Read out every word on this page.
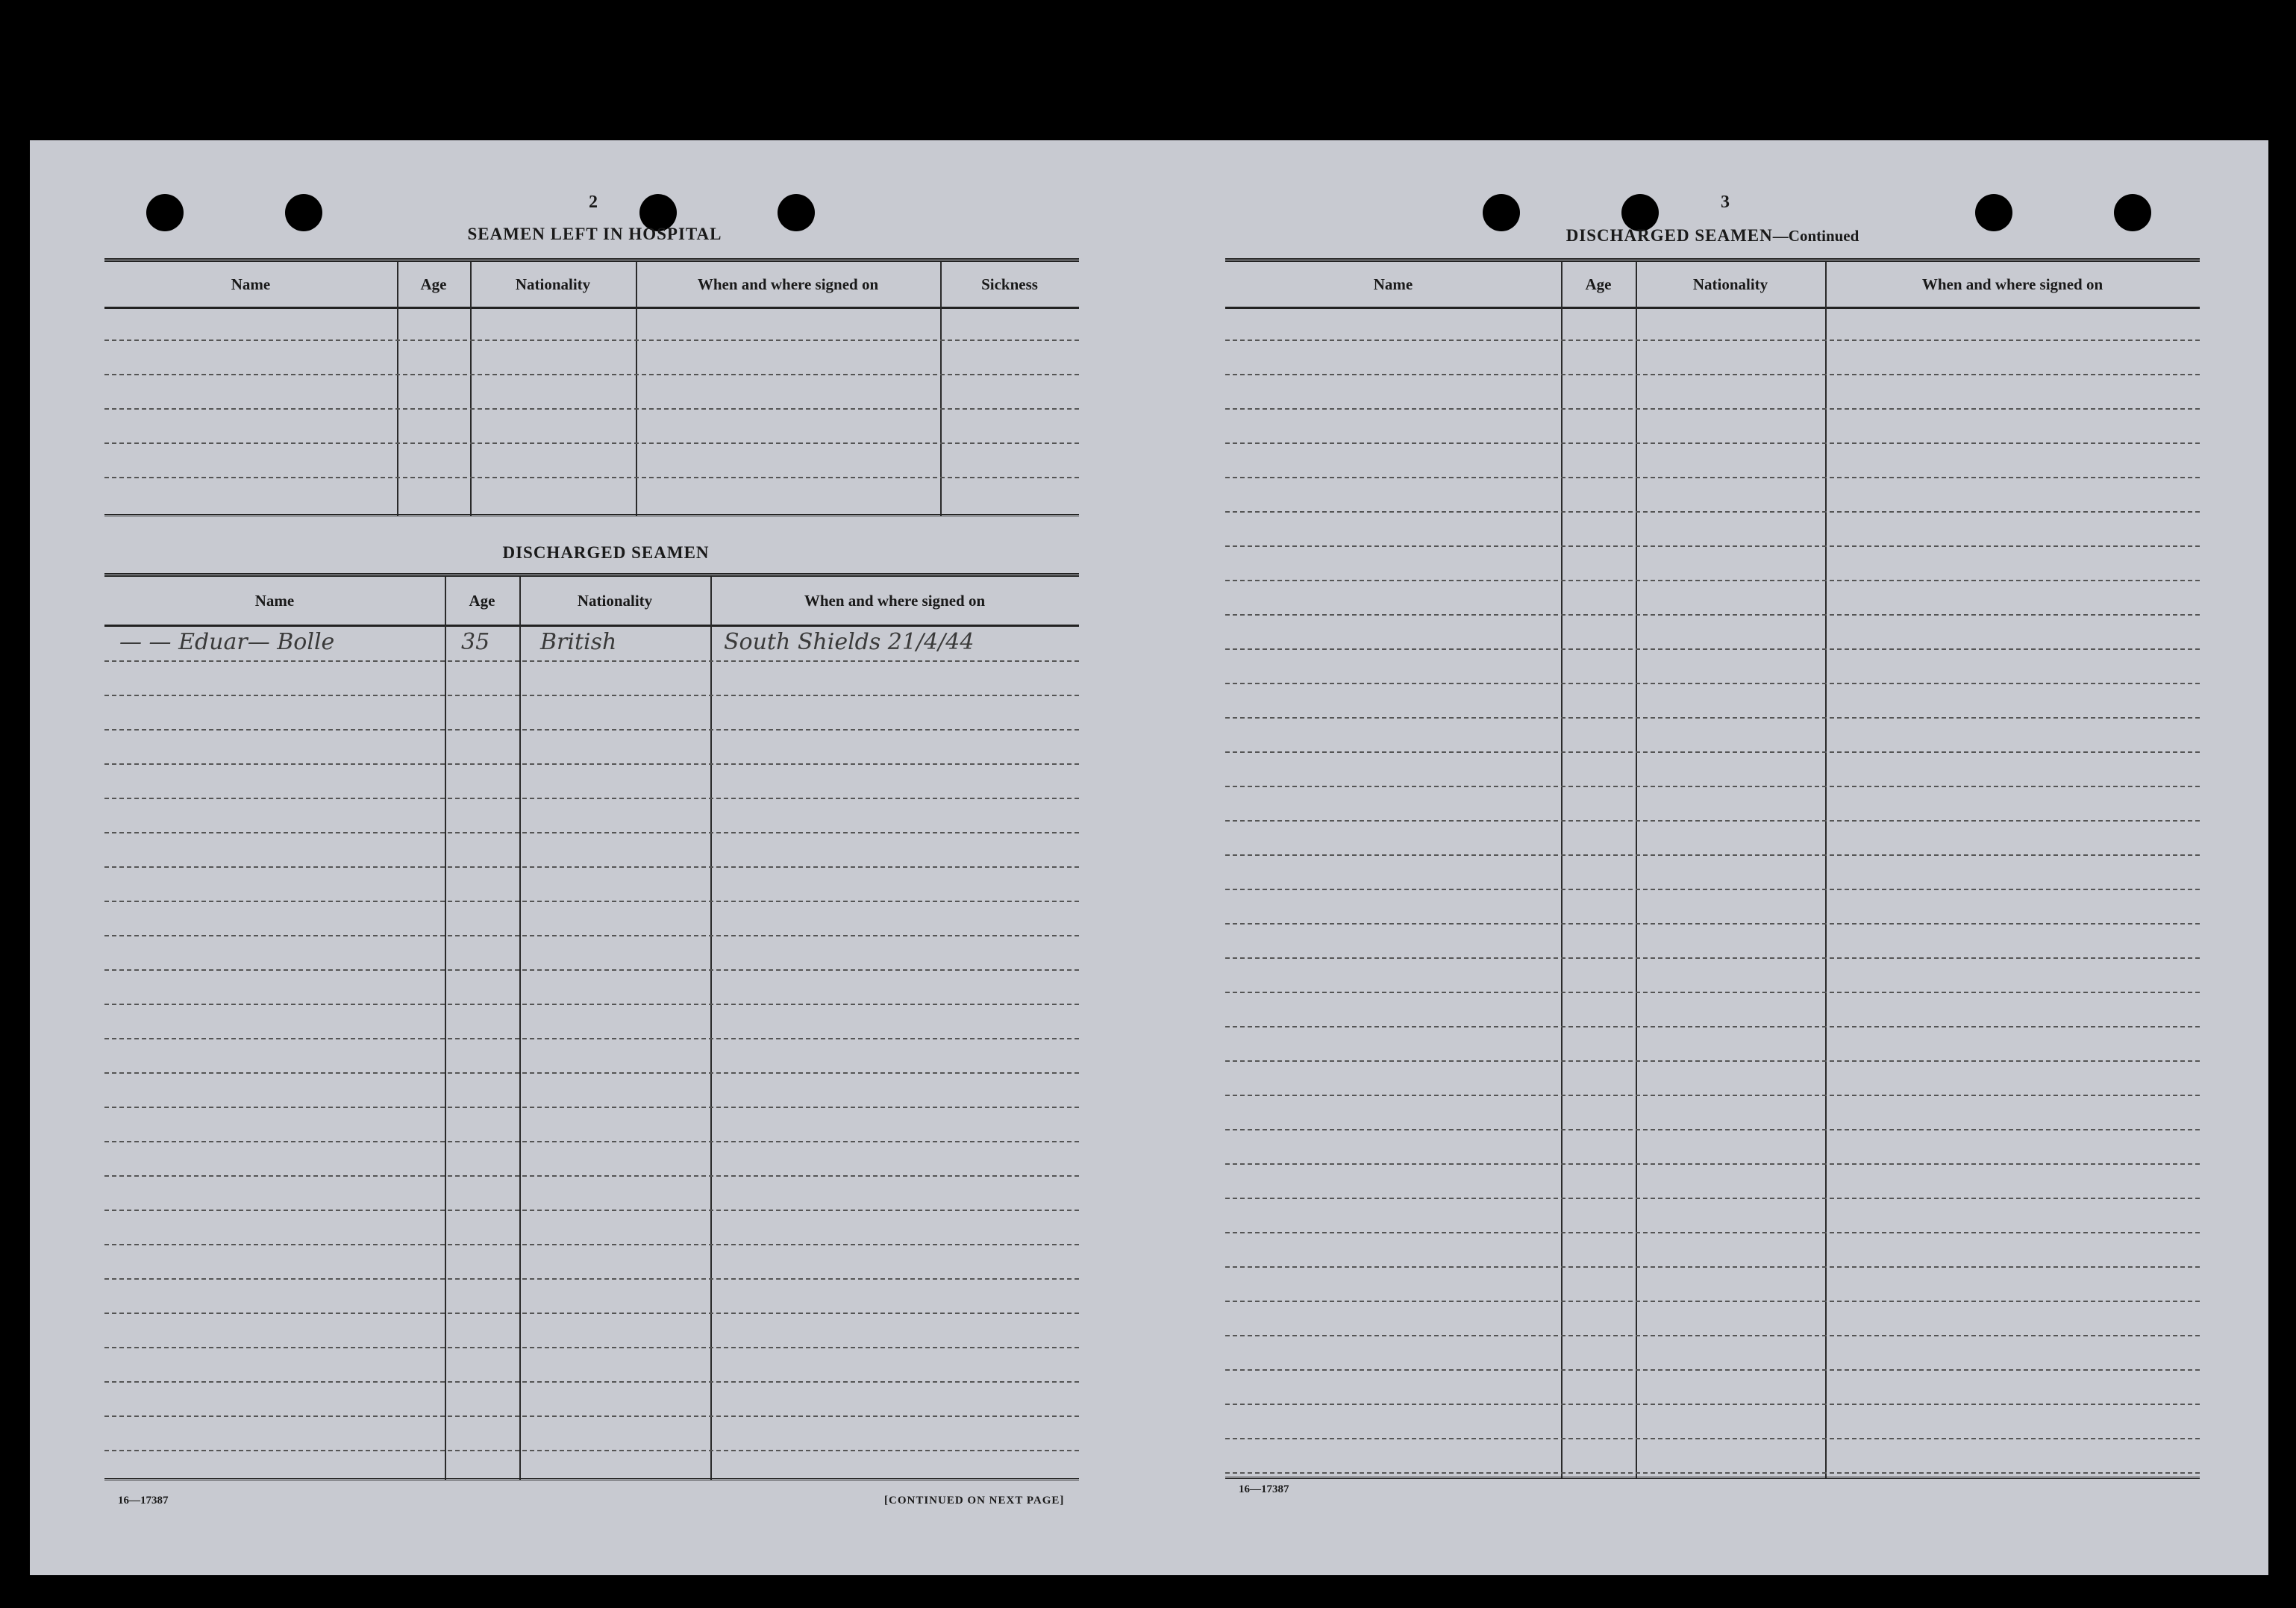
2
SEAMEN LEFT IN HOSPITAL
Name	Age	Nationality	When and where signed on	Sickness
DISCHARGED SEAMEN
Name	Age	Nationality	When and where signed on
— — Eduar— Bolle	35 British	South Shields 21/4/44
16—17387	[CONTINUED ON NEXT PAGE]
3
DISCHARGED SEAMEN—Continued
Name	Age	Nationality	When and where signed on
16—17387
